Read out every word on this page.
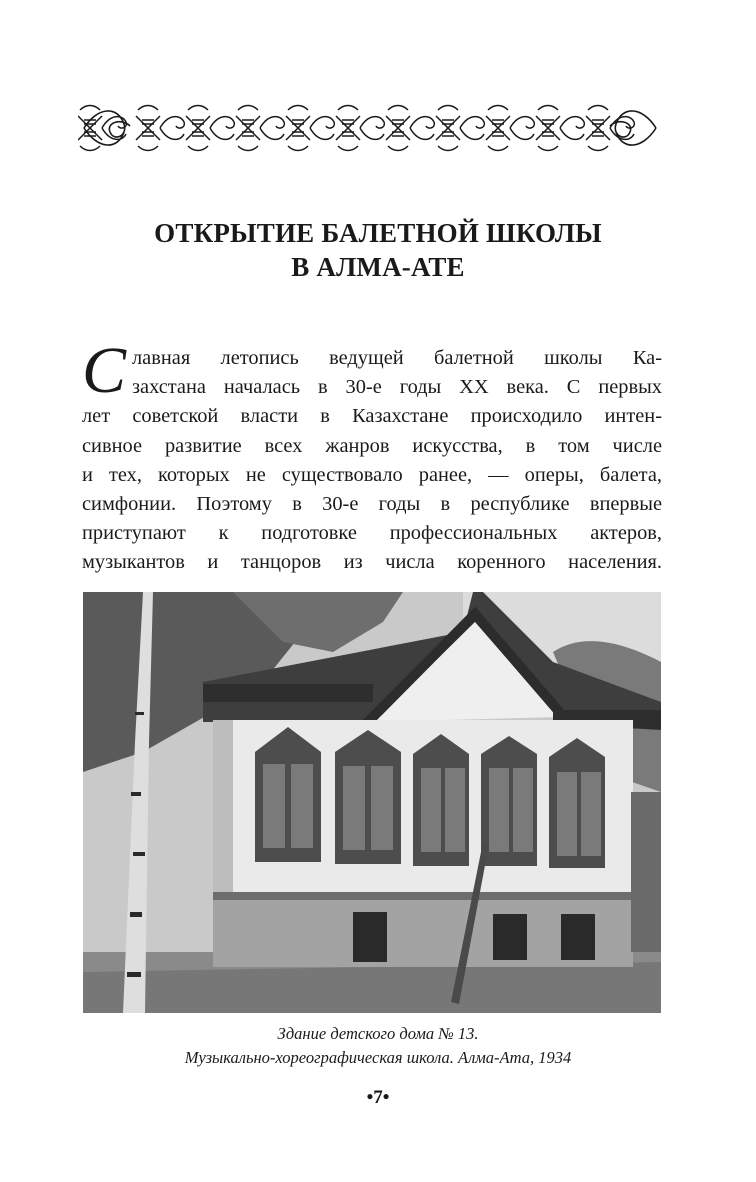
ОТКРЫТИЕ БАЛЕТНОЙ ШКОЛЫ
В АЛМА-АТЕ
С лавная летопись ведущей балетной школы Ка-
захстана началась в 30-е годы XX века. С первых
лет советской власти в Казахстане происходило интен-
сивное развитие всех жанров искусства, в том числе
и тех, которых не существовало ранее, — оперы, балета,
симфонии. Поэтому в 30-е годы в республике впервые
приступают к подготовке профессиональных актеров,
музыкантов и танцоров из числа коренного населения.
Здание детского дома № 13.
Музыкально-хореографическая школа. Алма-Ата, 1934
•7•
